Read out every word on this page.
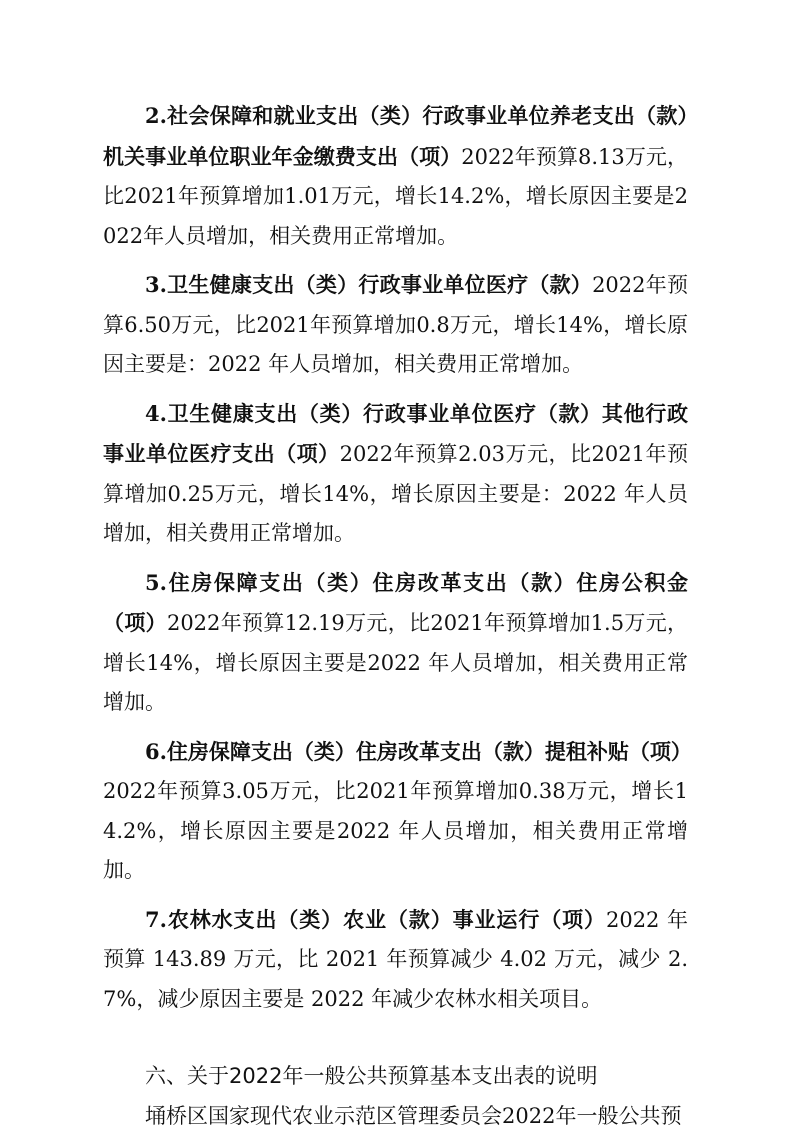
2.社会保障和就业支出（类）行政事业单位养老支出（款）机关事业单位职业年金缴费支出（项）2022年预算8.13万元，比2021年预算增加1.01万元，增长14.2%，增长原因主要是2022年人员增加，相关费用正常增加。

3.卫生健康支出（类）行政事业单位医疗（款）2022年预算6.50万元，比2021年预算增加0.8万元，增长14%，增长原因主要是：2022 年人员增加，相关费用正常增加。

4.卫生健康支出（类）行政事业单位医疗（款）其他行政事业单位医疗支出（项）2022年预算2.03万元，比2021年预算增加0.25万元，增长14%，增长原因主要是：2022 年人员增加，相关费用正常增加。

5.住房保障支出（类）住房改革支出（款）住房公积金（项）2022年预算12.19万元，比2021年预算增加1.5万元，增长14%，增长原因主要是2022 年人员增加，相关费用正常增加。

6.住房保障支出（类）住房改革支出（款）提租补贴（项）2022年预算3.05万元，比2021年预算增加0.38万元，增长14.2%，增长原因主要是2022 年人员增加，相关费用正常增加。

7.农林水支出（类）农业（款）事业运行（项）2022 年预算 143.89 万元，比 2021 年预算减少 4.02 万元，减少 2.7%，减少原因主要是 2022 年减少农林水相关项目。

六、关于2022年一般公共预算基本支出表的说明

埇桥区国家现代农业示范区管理委员会2022年一般公共预
